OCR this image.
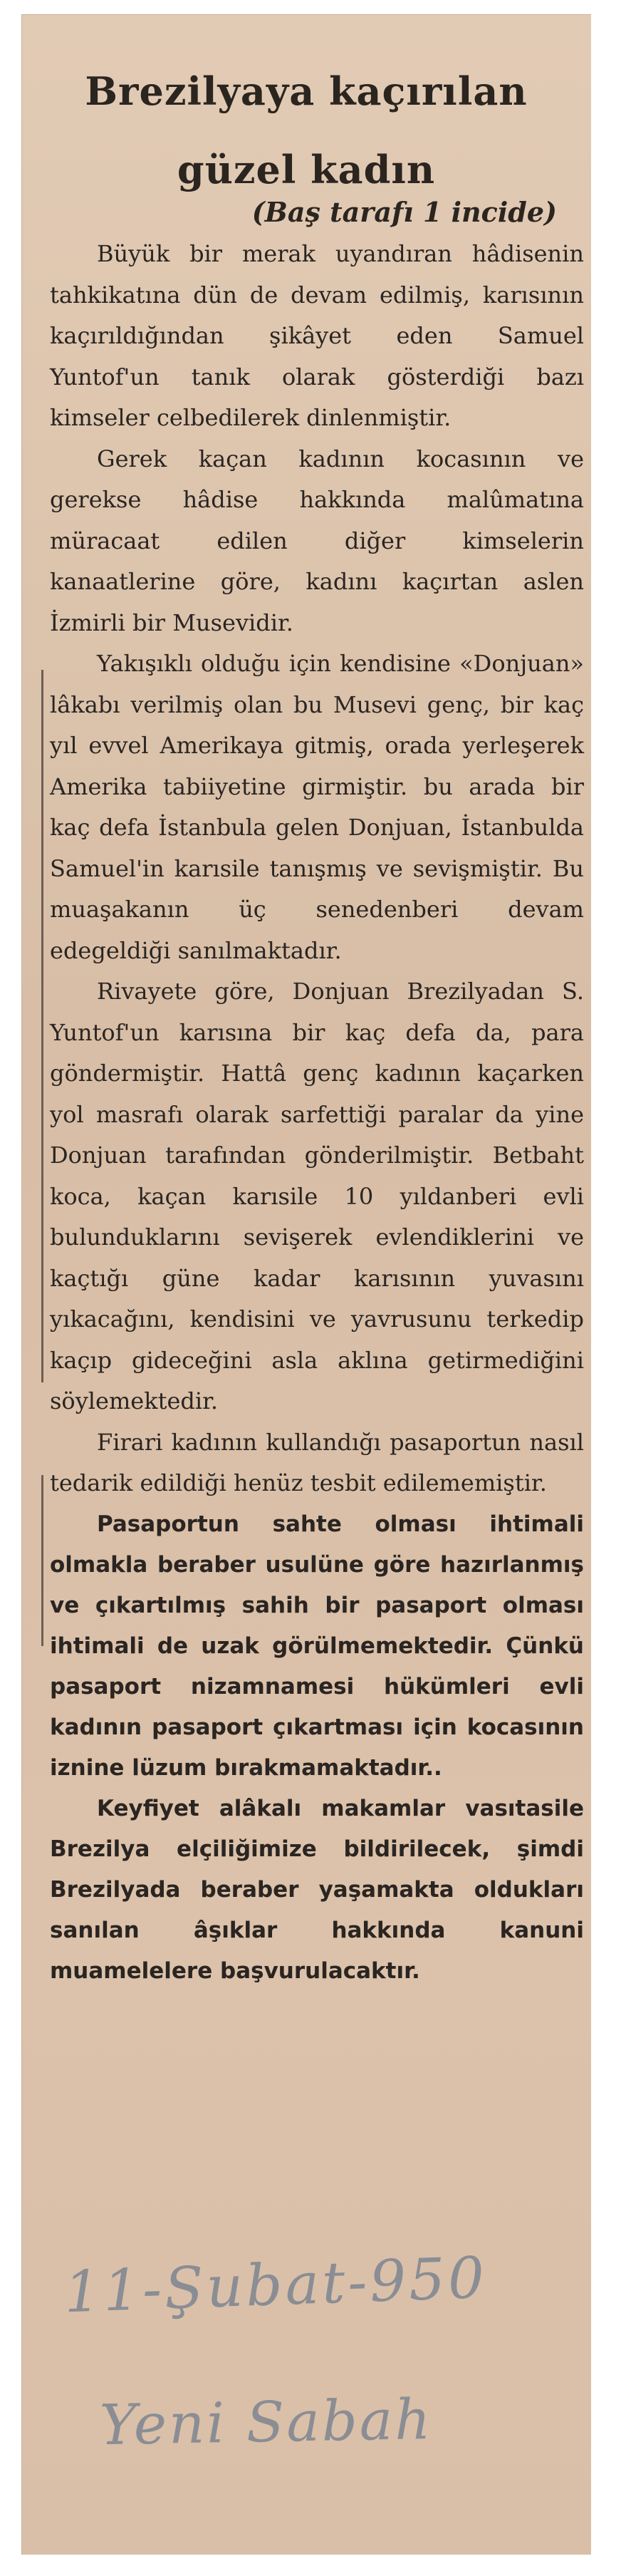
Brezilyaya kaçırılan
güzel kadın
(Baş tarafı 1 incide)

Büyük bir merak uyandıran hâdisenin tahkikatına dün de devam edilmiş, karısının kaçırıldığından şikâyet eden Samuel Yuntof'un tanık olarak gösterdiği bazı kimseler celbedilerek dinlenmiştir.

Gerek kaçan kadının kocasının ve gerekse hâdise hakkında malûmatına müracaat edilen diğer kimselerin kanaatlerine göre, kadını kaçırtan aslen İzmirli bir Musevidir.

Yakışıklı olduğu için kendisine «Donjuan» lâkabı verilmiş olan bu Musevi genç, bir kaç yıl evvel Amerikaya gitmiş, orada yerleşerek Amerika tabiiyetine girmiştir. bu arada bir kaç defa İstanbula gelen Donjuan, İstanbulda Samuel'in karısile tanışmış ve sevişmiştir. Bu muaşakanın üç senedenberi devam edegeldiği sanılmaktadır.

Rivayete göre, Donjuan Brezilyadan S. Yuntof'un karısına bir kaç defa da, para göndermiştir. Hattâ genç kadının kaçarken yol masrafı olarak sarfettiği paralar da yine Donjuan tarafından gönderilmiştir. Betbaht koca, kaçan karısile 10 yıldanberi evli bulunduklarını sevişerek evlendiklerini ve kaçtığı güne kadar karısının yuvasını yıkacağını, kendisini ve yavrusunu terkedip kaçıp gideceğini asla aklına getirmediğini söylemektedir.

Firari kadının kullandığı pasaportun nasıl tedarik edildiği henüz tesbit edilememiştir.

Pasaportun sahte olması ihtimali olmakla beraber usulüne göre hazırlanmış ve çıkartılmış sahih bir pasaport olması ihtimali de uzak görülmemektedir. Çünkü pasaport nizamnamesi hükümleri evli kadının pasaport çıkartması için kocasının iznine lüzum bırakmamaktadır..

Keyfiyet alâkalı makamlar vasıtasile Brezilya elçiliğimize bildirilecek, şimdi Brezilyada beraber yaşamakta oldukları sanılan âşıklar hakkında kanuni muamelelere başvurulacaktır.

11-Şubat-950
Yeni Sabah
